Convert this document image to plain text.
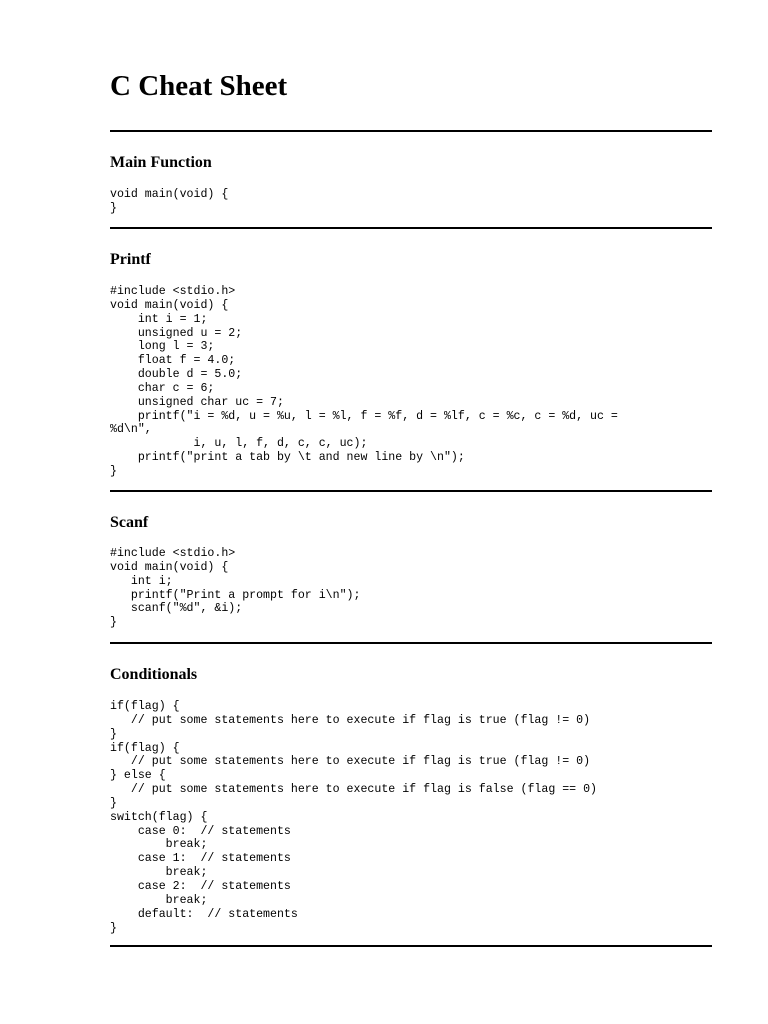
C Cheat Sheet
Main Function
void main(void) {
}
Printf
#include <stdio.h>
void main(void) {
int i = 1;
unsigned u = 2;
long l = 3;
float f = 4.0;
double d = 5.0;
char c = 6;
unsigned char uc = 7;
printf("i = %d, u = %u, l = %l, f = %f, d = %lf, c = %c, c = %d, uc =
%d\n",
i, u, l, f, d, c, c, uc);
printf("print a tab by \t and new line by \n");
}
Scanf
#include <stdio.h>
void main(void) {
int i;
printf("Print a prompt for i\n");
scanf("%d", &i);
}
Conditionals
if(flag) {
// put some statements here to execute if flag is true (flag != 0)
}
if(flag) {
// put some statements here to execute if flag is true (flag != 0)
} else {
// put some statements here to execute if flag is false (flag == 0)
}
switch(flag) {
case 0:  // statements
break;
case 1:  // statements
break;
case 2:  // statements
break;
default:  // statements
}
